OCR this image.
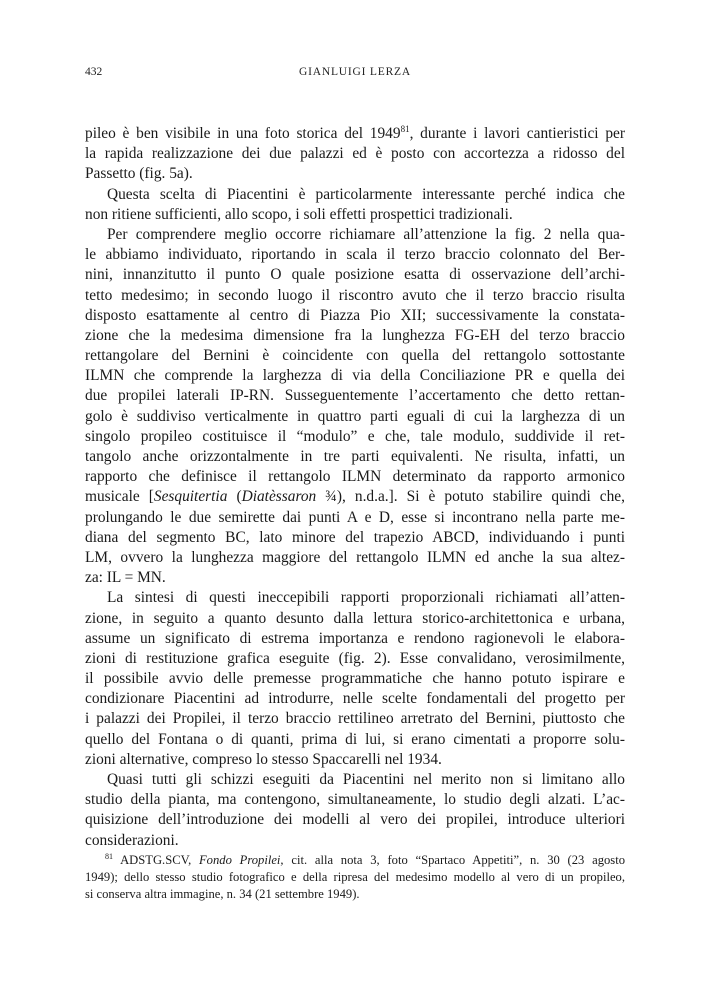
432	GIANLUIGI LERZA
pileo è ben visibile in una foto storica del 1949$^{81}$, durante i lavori cantieristici per
la rapida realizzazione dei due palazzi ed è posto con accortezza a ridosso del
Passetto (fig. 5a).
Questa scelta di Piacentini è particolarmente interessante perché indica che
non ritiene sufficienti, allo scopo, i soli effetti prospettici tradizionali.
Per comprendere meglio occorre richiamare all’attenzione la fig. 2 nella qua-
le abbiamo individuato, riportando in scala il terzo braccio colonnato del Ber-
nini, innanzitutto il punto O quale posizione esatta di osservazione dell’archi-
tetto medesimo; in secondo luogo il riscontro avuto che il terzo braccio risulta
disposto esattamente al centro di Piazza Pio XII; successivamente la constata-
zione che la medesima dimensione fra la lunghezza FG-EH del terzo braccio
rettangolare del Bernini è coincidente con quella del rettangolo sottostante
ILMN che comprende la larghezza di via della Conciliazione PR e quella dei
due propilei laterali IP-RN. Susseguentemente l’accertamento che detto rettan-
golo è suddiviso verticalmente in quattro parti eguali di cui la larghezza di un
singolo propileo costituisce il “modulo” e che, tale modulo, suddivide il ret-
tangolo anche orizzontalmente in tre parti equivalenti. Ne risulta, infatti, un
rapporto che definisce il rettangolo ILMN determinato da rapporto armonico
musicale [Sesquitertia (Diatèssaron ¾), n.d.a.]. Si è potuto stabilire quindi che,
prolungando le due semirette dai punti A e D, esse si incontrano nella parte me-
diana del segmento BC, lato minore del trapezio ABCD, individuando i punti
LM, ovvero la lunghezza maggiore del rettangolo ILMN ed anche la sua altez-
za: IL = MN.
La sintesi di questi ineccepibili rapporti proporzionali richiamati all’atten-
zione, in seguito a quanto desunto dalla lettura storico-architettonica e urbana,
assume un significato di estrema importanza e rendono ragionevoli le elabora-
zioni di restituzione grafica eseguite (fig. 2). Esse convalidano, verosimilmente,
il possibile avvio delle premesse programmatiche che hanno potuto ispirare e
condizionare Piacentini ad introdurre, nelle scelte fondamentali del progetto per
i palazzi dei Propilei, il terzo braccio rettilineo arretrato del Bernini, piuttosto che
quello del Fontana o di quanti, prima di lui, si erano cimentati a proporre solu-
zioni alternative, compreso lo stesso Spaccarelli nel 1934.
Quasi tutti gli schizzi eseguiti da Piacentini nel merito non si limitano allo
studio della pianta, ma contengono, simultaneamente, lo studio degli alzati. L’ac-
quisizione dell’introduzione dei modelli al vero dei propilei, introduce ulteriori
considerazioni.
$^{81}$ ADSTG.SCV, Fondo Propilei, cit. alla nota 3, foto “Spartaco Appetiti”, n. 30 (23 agosto
1949); dello stesso studio fotografico e della ripresa del medesimo modello al vero di un propileo,
si conserva altra immagine, n. 34 (21 settembre 1949).
